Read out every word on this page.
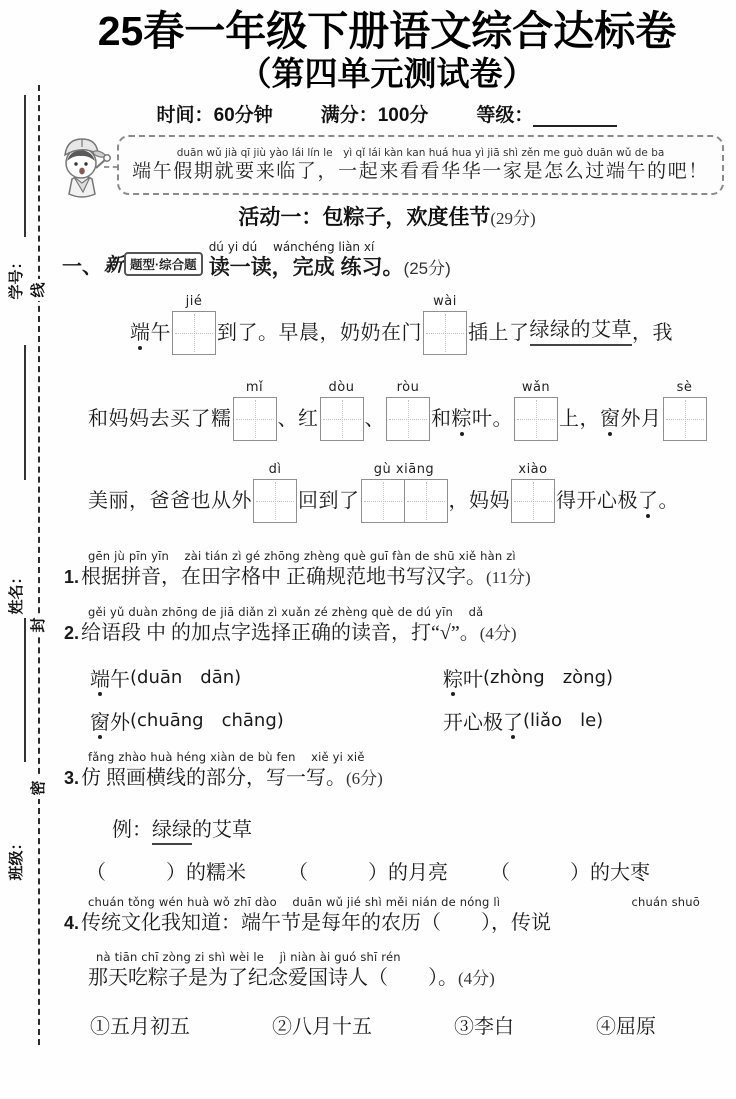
学号：
姓名：
班级：
线
封
密
25春一年级下册语文综合达标卷
（第四单元测试卷）
时间：60分钟	满分：100分	等级：
duān wǔ jià qī jiù yào lái lín le　yì qǐ lái kàn kan huá hua yì jiā shì zěn me guò duān wǔ de ba
端午假期就要来临了，一起来看看华华一家是怎么过端午的吧！
活动一：包粽子，欢度佳节(29分)
一、 新 题型·综合题
dú yi dú　 wánchéng liàn xí
读一读，完成 练习。(25分)
端 午
jié
到了。早晨，奶奶在门
wài
插上了 绿绿的艾草 ，我
和妈妈去买了糯
mǐ
、红
dòu
、
ròu
和 粽 叶。
wǎn
上， 窗 外月
sè
美丽，爸爸也从外
dì
回到了
gù xiāng
，妈妈
xiào
得开心极 了 。
gēn jù pīn yīn　 zài tián zì gé zhōng zhèng què guī fàn de shū xiě hàn zì
1. 根据拼音，在田字格中 正确规范地书写汉字。 (11分)
gěi yǔ duàn zhōng de jiā diǎn zì xuǎn zé zhèng què de dú yīn　 dǎ
2. 给语段 中 的加点字选择正确的读音，打“√”。 (4分)
端 午 (duān　dān)	粽 叶 (zhòng　zòng)
窗 外 (chuāng　chāng)	开心极 了 (liǎo　le)
fǎng zhào huà héng xiàn de bù fen　 xiě yi xiě
3. 仿 照画横线的部分，写一写。 (6分)
例： 绿绿 的艾草
（　　　）的糯米 （　　　）的月亮 （　　　）的大枣
chuán tǒng wén huà wǒ zhī dào　 duān wǔ jié shì měi nián de nóng lì	chuán shuō
4. 传统文化我知道：端午节是每年的农历（　　），传说
nà tiān chī zòng zi shì wèi le　 jì niàn ài guó shī rén
那天吃粽子是为了纪念爱国诗人（　　）。 (4分)
①五月初五	②八月十五	③李白	④屈原
